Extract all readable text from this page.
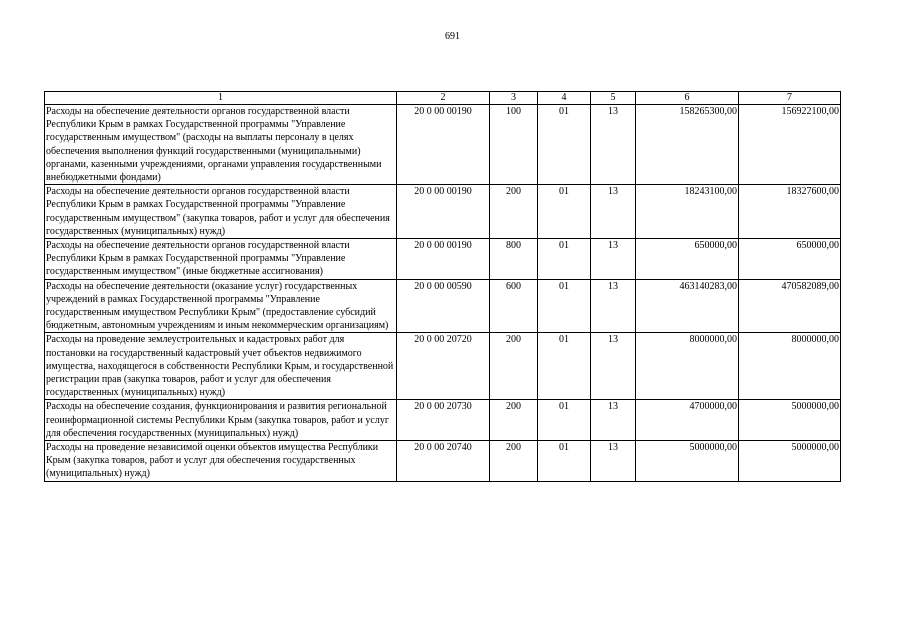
691
1	2	3	4	5	6	7
Расходы на обеспечение деятельности органов государственной власти Республики Крым в рамках Государственной программы "Управление государственным имуществом" (расходы на выплаты персоналу в целях обеспечения выполнения функций государственными (муниципальными) органами, казенными учреждениями, органами управления государственными внебюджетными фондами)	20 0 00 00190	100	01	13	158265300,00	156922100,00
Расходы на обеспечение деятельности органов государственной власти Республики Крым в рамках Государственной программы "Управление государственным имуществом" (закупка товаров, работ и услуг для обеспечения государственных (муниципальных) нужд)	20 0 00 00190	200	01	13	18243100,00	18327600,00
Расходы на обеспечение деятельности органов государственной власти Республики Крым в рамках Государственной программы "Управление государственным имуществом" (иные бюджетные ассигнования)	20 0 00 00190	800	01	13	650000,00	650000,00
Расходы на обеспечение деятельности (оказание услуг) государственных учреждений в рамках Государственной программы "Управление государственным имуществом Республики Крым" (предоставление субсидий бюджетным, автономным учреждениям и иным некоммерческим организациям)	20 0 00 00590	600	01	13	463140283,00	470582089,00
Расходы на проведение землеустроительных и кадастровых работ для постановки на государственный кадастровый учет объектов недвижимого имущества, находящегося в собственности Республики Крым, и государственной регистрации прав (закупка товаров, работ и услуг для обеспечения государственных (муниципальных) нужд)	20 0 00 20720	200	01	13	8000000,00	8000000,00
Расходы на обеспечение создания, функционирования и развития региональной геоинформационной системы Республики Крым (закупка товаров, работ и услуг для обеспечения государственных (муниципальных) нужд)	20 0 00 20730	200	01	13	4700000,00	5000000,00
Расходы на проведение независимой оценки объектов имущества Республики Крым (закупка товаров, работ и услуг для обеспечения государственных (муниципальных) нужд)	20 0 00 20740	200	01	13	5000000,00	5000000,00
